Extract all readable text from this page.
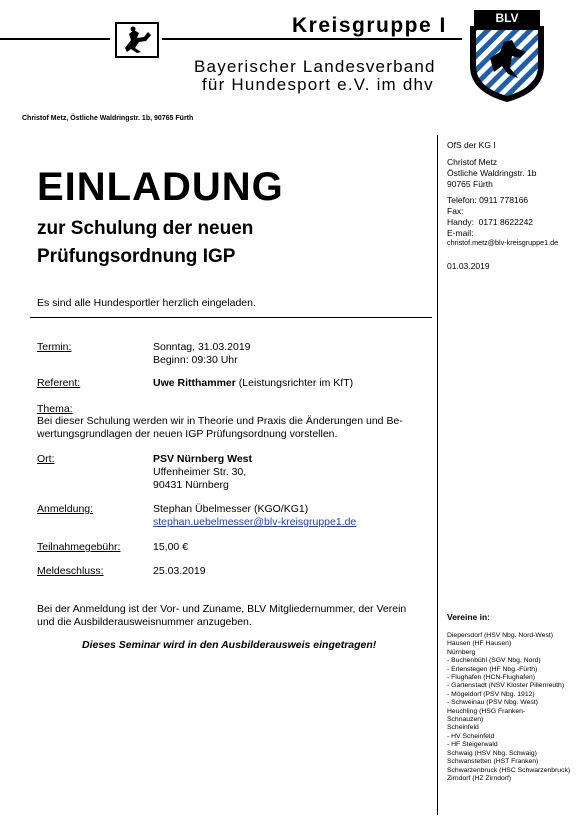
Kreisgruppe I	BLV
Bayerischer Landesverband
für Hundesport e.V. im dhv
Christof Metz, Östliche Waldringstr. 1b, 90765 Fürth
EINLADUNG
zur Schulung der neuen
Prüfungsordnung IGP
Es sind alle Hundesportler herzlich eingeladen.
Termin:	Sonntag, 31.03.2019
Beginn: 09:30 Uhr
Referent:	Uwe Ritthammer (Leistungsrichter im KfT)
Thema:
Bei dieser Schulung werden wir in Theorie und Praxis die Änderungen und Be-
wertungsgrundlagen der neuen IGP Prüfungsordnung vorstellen.
Ort:	PSV Nürnberg West
Uffenheimer Str. 30,
90431 Nürnberg
Anmeldung:	Stephan Übelmesser (KGO/KG1)
stephan.uebelmesser@blv-kreisgruppe1.de
Teilnahmegebühr:	15,00 €
Meldeschluss:	25.03.2019
Bei der Anmeldung ist der Vor- und Zuname, BLV Mitgliedernummer, der Verein
und die Ausbilderausweisnummer anzugeben.
Dieses Seminar wird in den Ausbilderausweis eingetragen!
OfS der KG I
Christof Metz
Östliche Waldringstr. 1b
90765 Fürth
Telefon: 0911 778166
Fax:
Handy: 0171 8622242
E-mail:
christof.metz@blv-kreisgruppe1.de
01.03.2019
Vereine in:
Diepersdorf (HSV Nbg. Nord-West)
Hausen (HF Hausen)
Nürnberg
- Buchenbühl (SGV Nbg. Nord)
- Erlenstegen (HF Nbg.-Fürth)
- Flughafen (HCN-Flughafen)
- Gartenstadt (NSV Kloster Pillenreuth)
- Mögeldorf (PSV Nbg. 1912)
- Schweinau (PSV Nbg. West)
Heuchling (HSG Franken-
Schnauzen)
Scheinfeld
- HV Scheinfeld
- HF Steigerwald
Schwaig (HSV Nbg. Schwaig)
Schwanstetten (HST Franken)
Schwarzenbruck (HSC Schwarzenbruck)
Zirndorf (HZ Zirndorf)
